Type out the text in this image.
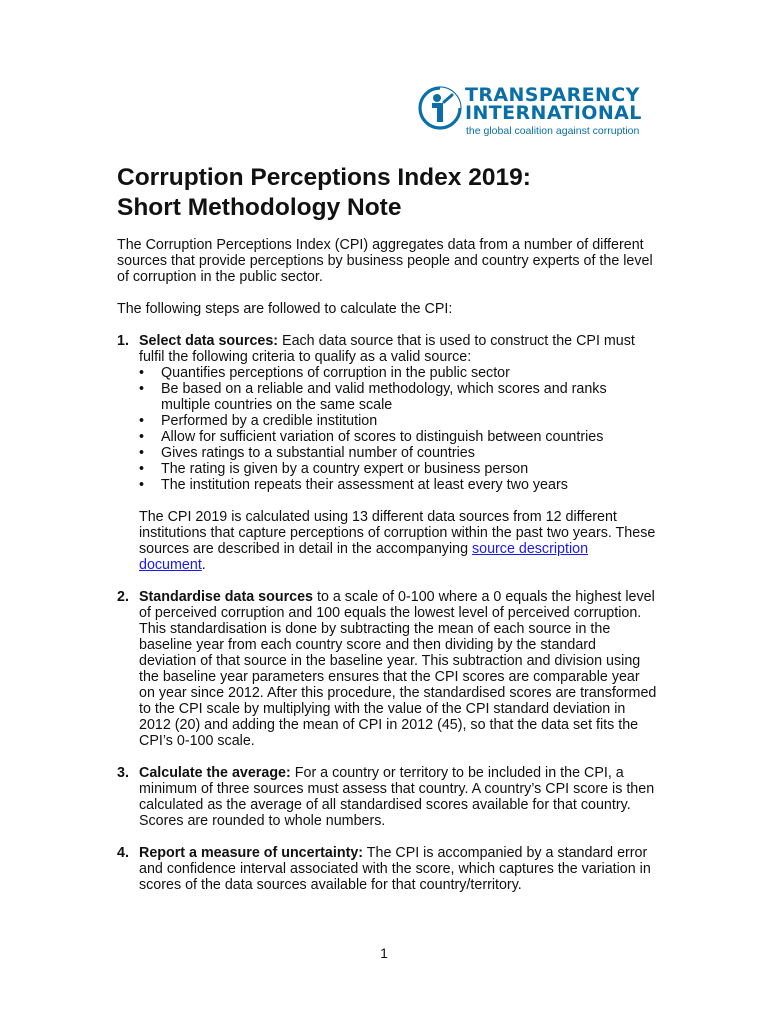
TRANSPARENCY
INTERNATIONAL
the global coalition against corruption
Corruption Perceptions Index 2019:
Short Methodology Note

The Corruption Perceptions Index (CPI) aggregates data from a number of different sources that provide perceptions by business people and country experts of the level of corruption in the public sector.

The following steps are followed to calculate the CPI:

1. Select data sources: Each data source that is used to construct the CPI must fulfil the following criteria to qualify as a valid source:

• Quantifies perceptions of corruption in the public sector
• Be based on a reliable and valid methodology, which scores and ranks multiple countries on the same scale
• Performed by a credible institution
• Allow for sufficient variation of scores to distinguish between countries
• Gives ratings to a substantial number of countries
• The rating is given by a country expert or business person
• The institution repeats their assessment at least every two years

The CPI 2019 is calculated using 13 different data sources from 12 different institutions that capture perceptions of corruption within the past two years. These sources are described in detail in the accompanying source description document.

2. Standardise data sources to a scale of 0-100 where a 0 equals the highest level of perceived corruption and 100 equals the lowest level of perceived corruption. This standardisation is done by subtracting the mean of each source in the baseline year from each country score and then dividing by the standard deviation of that source in the baseline year. This subtraction and division using the baseline year parameters ensures that the CPI scores are comparable year on year since 2012. After this procedure, the standardised scores are transformed to the CPI scale by multiplying with the value of the CPI standard deviation in 2012 (20) and adding the mean of CPI in 2012 (45), so that the data set fits the CPI’s 0-100 scale.

3. Calculate the average: For a country or territory to be included in the CPI, a minimum of three sources must assess that country. A country’s CPI score is then calculated as the average of all standardised scores available for that country. Scores are rounded to whole numbers.

4. Report a measure of uncertainty: The CPI is accompanied by a standard error and confidence interval associated with the score, which captures the variation in scores of the data sources available for that country/territory.

1
